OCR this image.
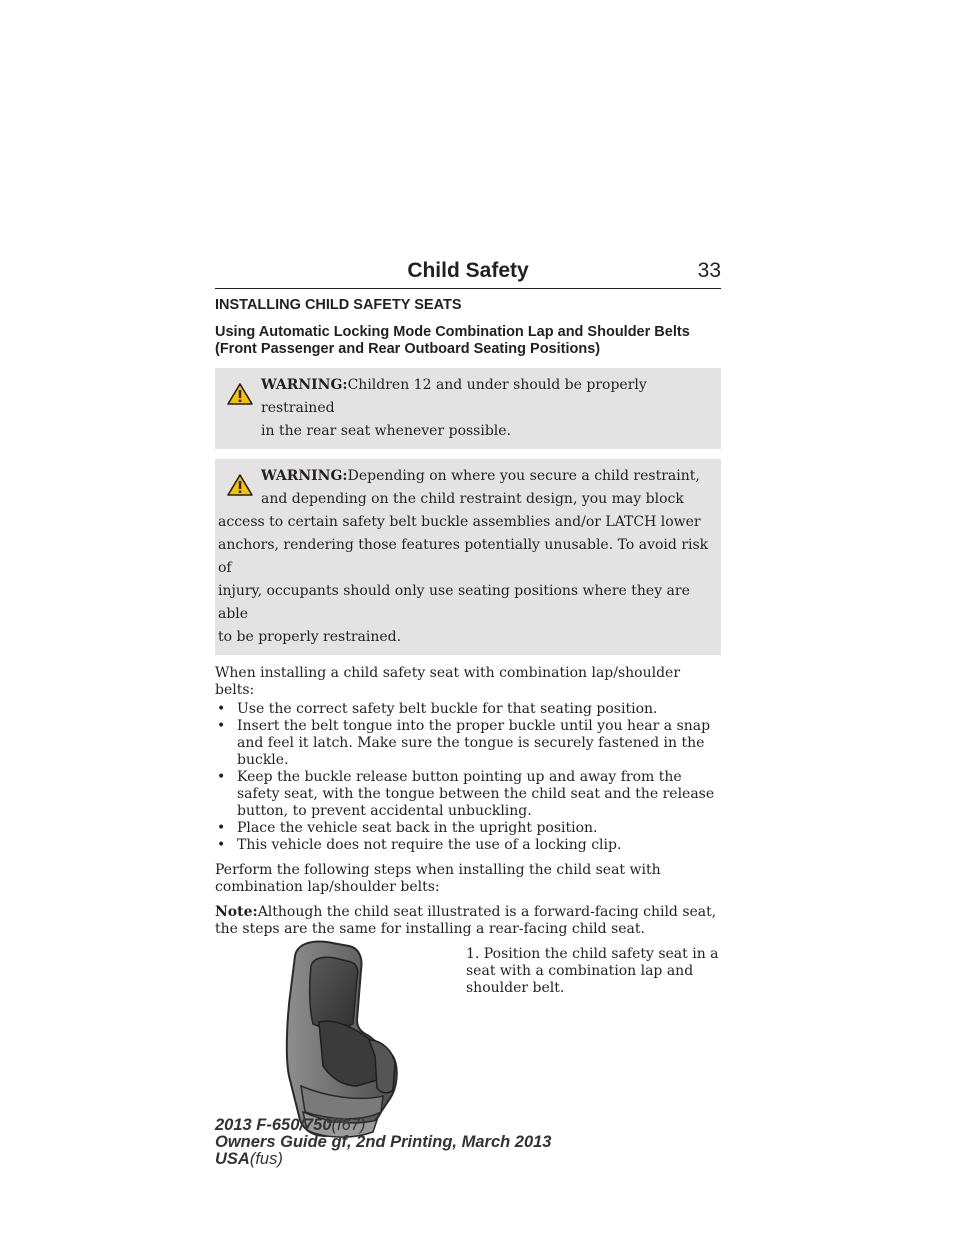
Child Safety	33
INSTALLING CHILD SAFETY SEATS
Using Automatic Locking Mode Combination Lap and Shoulder Belts (Front Passenger and Rear Outboard Seating Positions)
WARNING:Children 12 and under should be properly restrained
in the rear seat whenever possible.
WARNING:Depending on where you secure a child restraint,
and depending on the child restraint design, you may block
access to certain safety belt buckle assemblies and/or LATCH lower
anchors, rendering those features potentially unusable. To avoid risk of
injury, occupants should only use seating positions where they are able
to be properly restrained.

When installing a child safety seat with combination lap/shoulder belts:

• Use the correct safety belt buckle for that seating position.
• Insert the belt tongue into the proper buckle until you hear a snap and feel it latch. Make sure the tongue is securely fastened in the buckle.
• Keep the buckle release button pointing up and away from the safety seat, with the tongue between the child seat and the release button, to prevent accidental unbuckling.
• Place the vehicle seat back in the upright position.
• This vehicle does not require the use of a locking clip.

Perform the following steps when installing the child seat with combination lap/shoulder belts:

Note:Although the child seat illustrated is a forward-facing child seat, the steps are the same for installing a rear-facing child seat.

1. Position the child safety seat in a seat with a combination lap and shoulder belt.
2013 F-650/750(f67)
Owners Guide gf, 2nd Printing, March 2013
USA(fus)
